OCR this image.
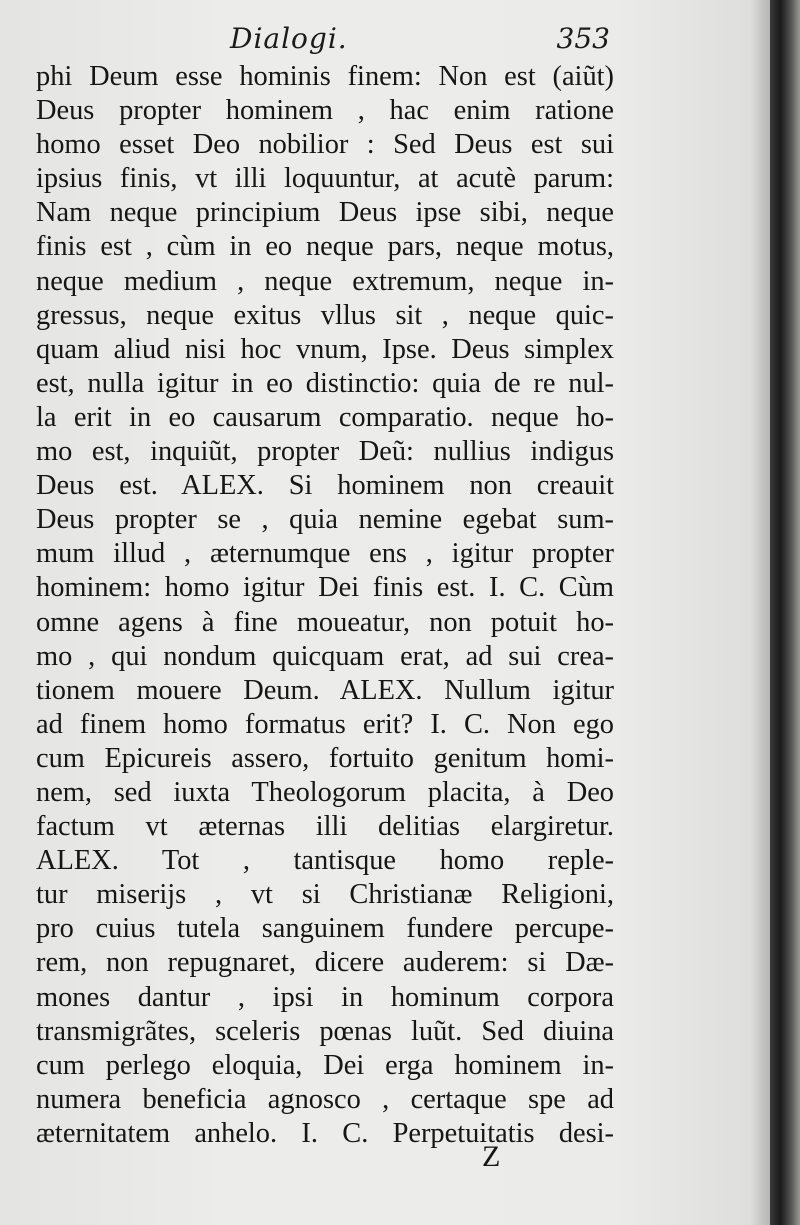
Dialogi.	353
phi Deum esse hominis finem: Non est (aiũt)
Deus propter hominem , hac enim ratione
homo esset Deo nobilior : Sed Deus est sui
ipsius finis, vt illi loquuntur, at acutè parum:
Nam neque principium Deus ipse sibi, neque
finis est , cùm in eo neque pars, neque motus,
neque medium , neque extremum, neque in-
gressus, neque exitus vllus sit , neque quic-
quam aliud nisi hoc vnum, Ipse. Deus simplex
est, nulla igitur in eo distinctio: quia de re nul-
la erit in eo causarum comparatio. neque ho-
mo est, inquiũt, propter Deũ: nullius indigus
Deus est. ALEX. Si hominem non creauit
Deus propter se , quia nemine egebat sum-
mum illud , æternumque ens , igitur propter
hominem: homo igitur Dei finis est. I. C. Cùm
omne agens à fine moueatur, non potuit ho-
mo , qui nondum quicquam erat, ad sui crea-
tionem mouere Deum. ALEX. Nullum igitur
ad finem homo formatus erit? I. C. Non ego
cum Epicureis assero, fortuito genitum homi-
nem, sed iuxta Theologorum placita, à Deo
factum vt æternas illi delitias elargiretur.
ALEX. Tot , tantisque homo reple-
tur miserijs , vt si Christianæ Religioni,
pro cuius tutela sanguinem fundere percupe-
rem, non repugnaret, dicere auderem: si Dæ-
mones dantur , ipsi in hominum corpora
transmigrãtes, sceleris pœnas luũt. Sed diuina
cum perlego eloquia, Dei erga hominem in-
numera beneficia agnosco , certaque spe ad
æternitatem anhelo. I. C. Perpetuitatis desi-
Z
